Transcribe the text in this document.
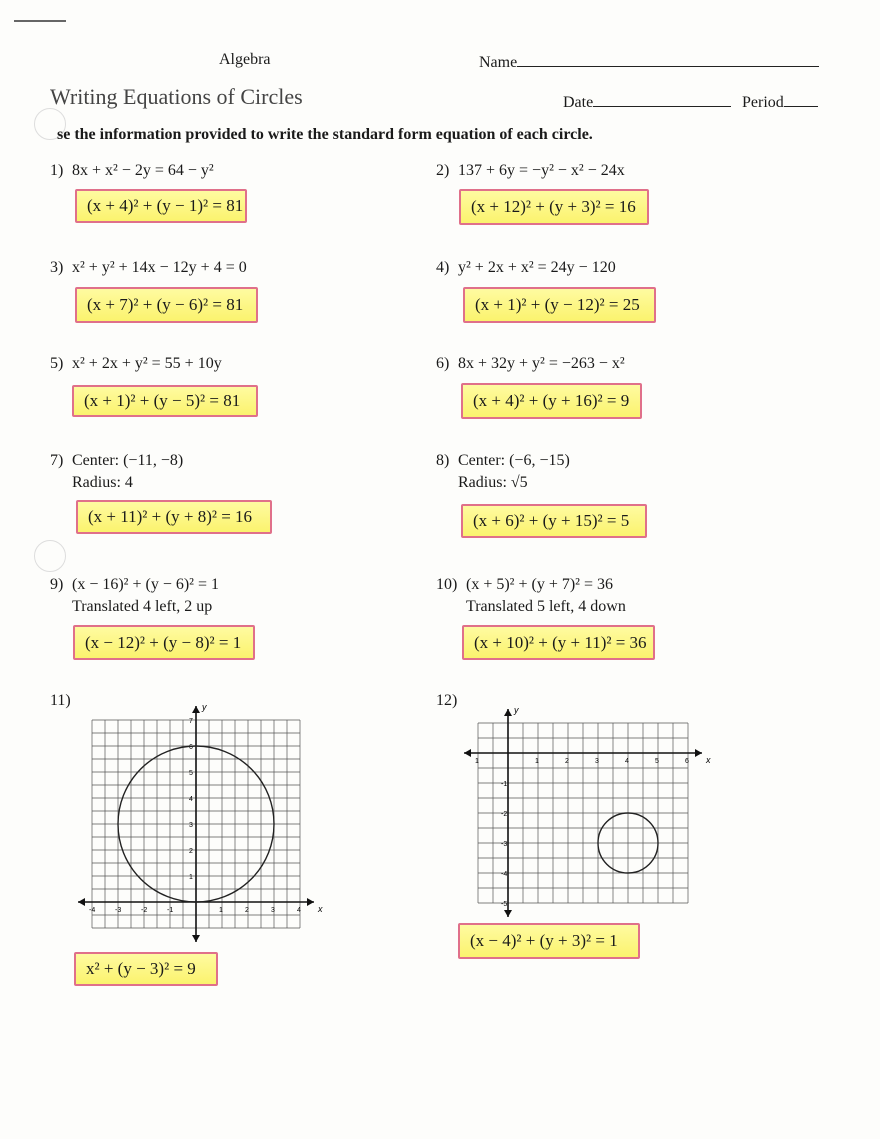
Algebra	Name
Writing Equations of Circles	Date	Period
se the information provided to write the standard form equation of each circle.
1) 8x + x² − 2y = 64 − y²
(x + 4)² + (y − 1)² = 81
2) 137 + 6y = −y² − x² − 24x
(x + 12)² + (y + 3)² = 16
3) x² + y² + 14x − 12y + 4 = 0
(x + 7)² + (y − 6)² = 81
4) y² + 2x + x² = 24y − 120
(x + 1)² + (y − 12)² = 25
5) x² + 2x + y² = 55 + 10y
(x + 1)² + (y − 5)² = 81
6) 8x + 32y + y² = −263 − x²
(x + 4)² + (y + 16)² = 9
7) Center: (−11, −8)
Radius: 4
(x + 11)² + (y + 8)² = 16
8) Center: (−6, −15)
Radius: √5
(x + 6)² + (y + 15)² = 5
9) (x − 16)² + (y − 6)² = 1
Translated 4 left, 2 up
(x − 12)² + (y − 8)² = 1
10) (x + 5)² + (y + 7)² = 36
Translated 5 left, 4 down
(x + 10)² + (y + 11)² = 36
11)	12)
x
y
-4	-3	-2	-1	1	2	3	4
1
2
3
4
5
6
7
x² + (y − 3)² = 9
x
y
1	1	2	3	4	5	6
-1
-2
-3
-4
-5
(x − 4)² + (y + 3)² = 1
